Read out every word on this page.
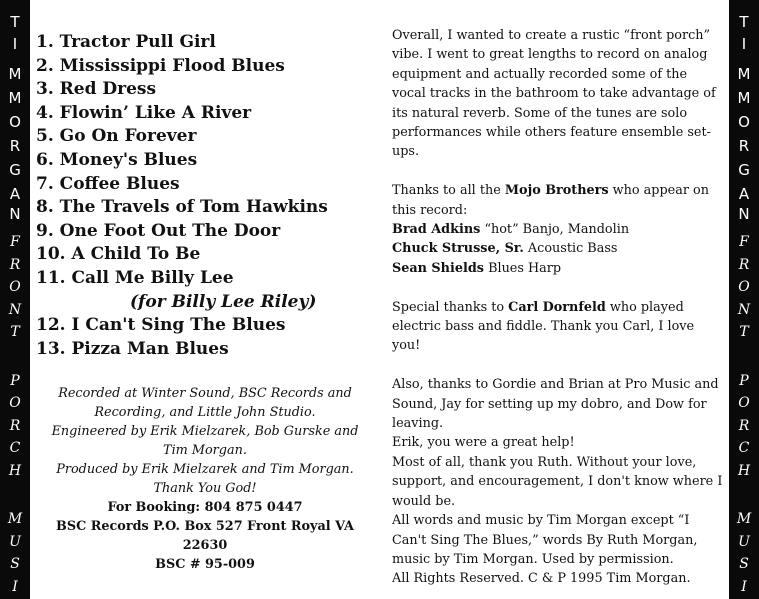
T
I
M
M
O
R
G
A
N
F
R
O
N
T
P
O
R
C
H
M
U
S
I
T
I
M
M
O
R
G
A
N
F
R
O
N
T
P
O
R
C
H
M
U
S
I
1. Tractor Pull Girl
2. Mississippi Flood Blues
3. Red Dress
4. Flowin’ Like A River
5. Go On Forever
6. Money's Blues
7. Coffee Blues
8. The Travels of Tom Hawkins
9. One Foot Out The Door
10. A Child To Be
11. Call Me Billy Lee
(for Billy Lee Riley)
12. I Can't Sing The Blues
13. Pizza Man Blues
Recorded at Winter Sound, BSC Records and
Recording, and Little John Studio.
Engineered by Erik Mielzarek, Bob Gurske and
Tim Morgan.
Produced by Erik Mielzarek and Tim Morgan.
Thank You God!
For Booking: 804 875 0447
BSC Records P.O. Box 527 Front Royal VA
22630
BSC # 95-009

Overall, I wanted to create a rustic “front porch” vibe. I went to great lengths to record on analog equipment and actually recorded some of the vocal tracks in the bathroom to take advantage of its natural reverb. Some of the tunes are solo performances while others feature ensemble set-ups.

Thanks to all the Mojo Brothers who appear on this record:

Brad Adkins “hot” Banjo, Mandolin

Chuck Strusse, Sr. Acoustic Bass

Sean Shields Blues Harp

Special thanks to Carl Dornfeld who played electric bass and fiddle. Thank you Carl, I love you!

Also, thanks to Gordie and Brian at Pro Music and Sound, Jay for setting up my dobro, and Dow for leaving.

Erik, you were a great help!

Most of all, thank you Ruth. Without your love, support, and encouragement, I don't know where I would be.

All words and music by Tim Morgan except “I Can't Sing The Blues,” words By Ruth Morgan, music by Tim Morgan. Used by permission.

All Rights Reserved. C & P 1995 Tim Morgan.
